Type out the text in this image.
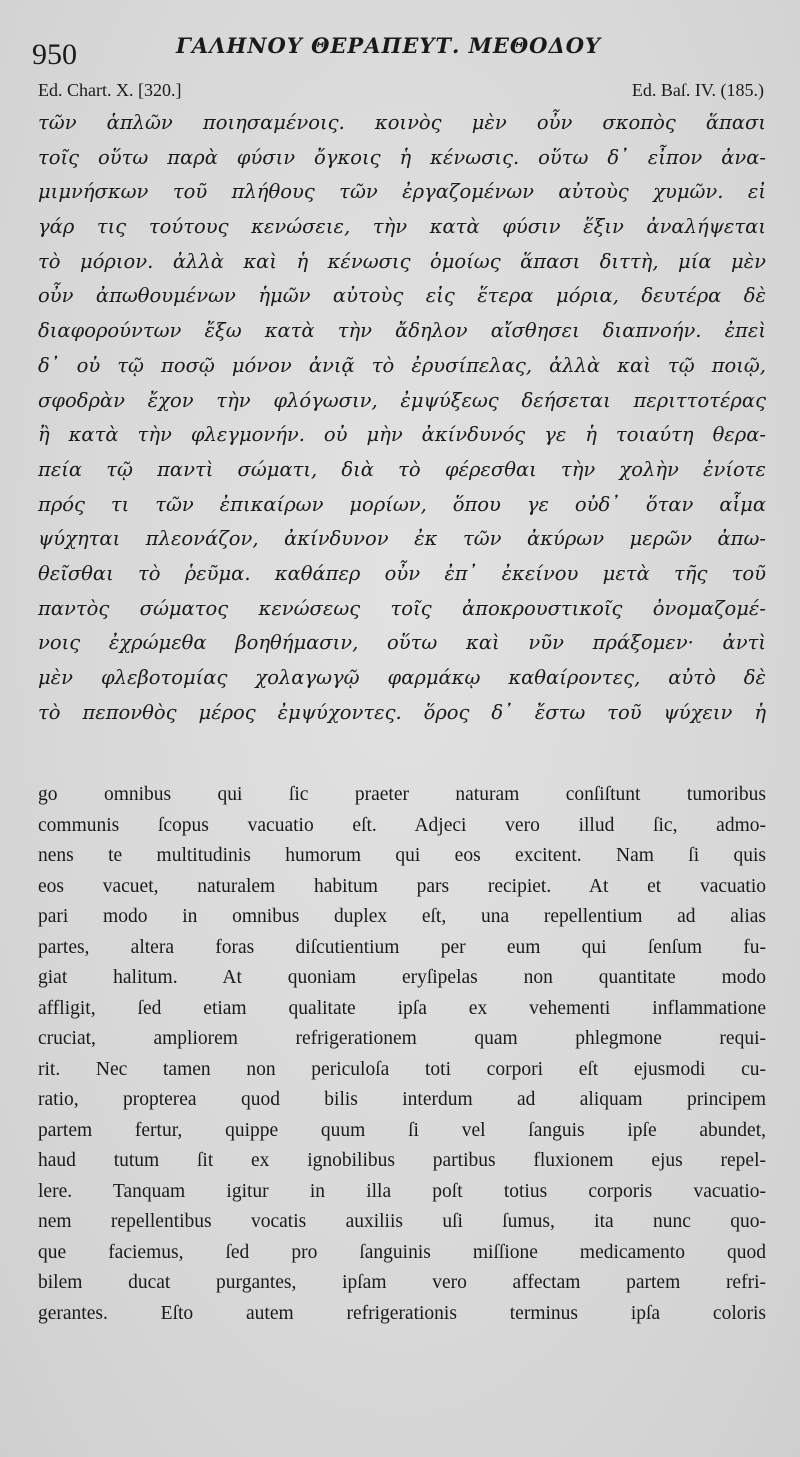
950	ΓΑΛΗΝΟΥ ΘΕΡΑΠΕΥΤ. ΜΕΘΟΔΟΥ
Ed. Chart. X. [320.]	Ed. Baſ. IV. (185.)
τῶν ἁπλῶν ποιησαμένοις. κοινὸς μὲν οὖν σκοπὸς ἅπασι
τοῖς οὕτω παρὰ φύσιν ὄγκοις ἡ κένωσις. οὕτω δ᾽ εἶπον ἀνα-
μιμνήσκων τοῦ πλήθους τῶν ἐργαζομένων αὐτοὺς χυμῶν. εἰ
γάρ τις τούτους κενώσειε, τὴν κατὰ φύσιν ἕξιν ἀναλήψεται
τὸ μόριον. ἀλλὰ καὶ ἡ κένωσις ὁμοίως ἅπασι διττὴ, μία μὲν
οὖν ἀπωθουμένων ἡμῶν αὐτοὺς εἰς ἕτερα μόρια, δευτέρα δὲ
διαφορούντων ἔξω κατὰ τὴν ἄδηλον αἴσθησει διαπνοήν. ἐπεὶ
δ᾽ οὐ τῷ ποσῷ μόνον ἀνιᾷ τὸ ἐρυσίπελας, ἀλλὰ καὶ τῷ ποιῷ,
σφοδρὰν ἔχον τὴν φλόγωσιν, ἐμψύξεως δεήσεται περιττοτέρας
ἢ κατὰ τὴν φλεγμονήν. οὐ μὴν ἀκίνδυνός γε ἡ τοιαύτη θερα-
πεία τῷ παντὶ σώματι, διὰ τὸ φέρεσθαι τὴν χολὴν ἐνίοτε
πρός τι τῶν ἐπικαίρων μορίων, ὅπου γε οὐδ᾽ ὅταν αἷμα
ψύχηται πλεονάζον, ἀκίνδυνον ἐκ τῶν ἀκύρων μερῶν ἀπω-
θεῖσθαι τὸ ῥεῦμα. καθάπερ οὖν ἐπ᾽ ἐκείνου μετὰ τῆς τοῦ
παντὸς σώματος κενώσεως τοῖς ἀποκρουστικοῖς ὀνομαζομέ-
νοις ἐχρώμεθα βοηθήμασιν, οὕτω καὶ νῦν πράξομεν· ἀντὶ
μὲν φλεβοτομίας χολαγωγῷ φαρμάκῳ καθαίροντες, αὐτὸ δὲ
τὸ πεπονθὸς μέρος ἐμψύχοντες. ὅρος δ᾽ ἔστω τοῦ ψύχειν ἡ
go omnibus qui ſic praeter naturam conſiſtunt tumoribus
communis ſcopus vacuatio eſt. Adjeci vero illud ſic, admo-
nens te multitudinis humorum qui eos excitent. Nam ſi quis
eos vacuet, naturalem habitum pars recipiet. At et vacuatio
pari modo in omnibus duplex eſt, una repellentium ad alias
partes, altera foras diſcutientium per eum qui ſenſum fu-
giat halitum. At quoniam eryſipelas non quantitate modo
affligit, ſed etiam qualitate ipſa ex vehementi inflammatione
cruciat, ampliorem refrigerationem quam phlegmone requi-
rit. Nec tamen non periculoſa toti corpori eſt ejusmodi cu-
ratio, propterea quod bilis interdum ad aliquam principem
partem fertur, quippe quum ſi vel ſanguis ipſe abundet,
haud tutum ſit ex ignobilibus partibus fluxionem ejus repel-
lere. Tanquam igitur in illa poſt totius corporis vacuatio-
nem repellentibus vocatis auxiliis uſi ſumus, ita nunc quo-
que faciemus, ſed pro ſanguinis miſſione medicamento quod
bilem ducat purgantes, ipſam vero affectam partem refri-
gerantes. Eſto autem refrigerationis terminus ipſa coloris
